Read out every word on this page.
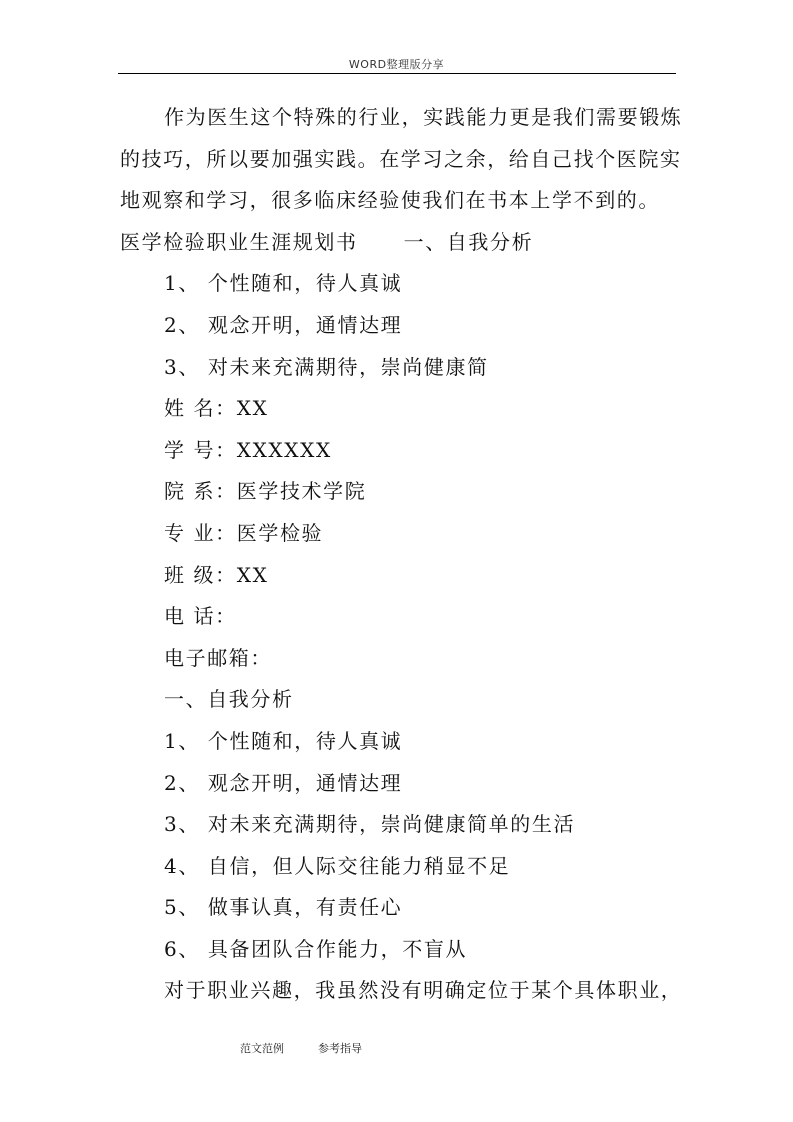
WORD整理版分享
作为医生这个特殊的行业，实践能力更是我们需要锻炼
的技巧，所以要加强实践。在学习之余，给自己找个医院实
地观察和学习，很多临床经验使我们在书本上学不到的。
医学检验职业生涯规划书 一、自我分析
1、 个性随和，待人真诚
2、 观念开明，通情达理
3、 对未来充满期待，崇尚健康简
姓 名：XX
学 号：XXXXXX
院 系：医学技术学院
专 业：医学检验
班 级：XX
电 话：
电子邮箱：
一、自我分析
1、 个性随和，待人真诚
2、 观念开明，通情达理
3、 对未来充满期待，崇尚健康简单的生活
4、 自信，但人际交往能力稍显不足
5、 做事认真，有责任心
6、 具备团队合作能力，不盲从
对于职业兴趣，我虽然没有明确定位于某个具体职业，
范文范例	参考指导
